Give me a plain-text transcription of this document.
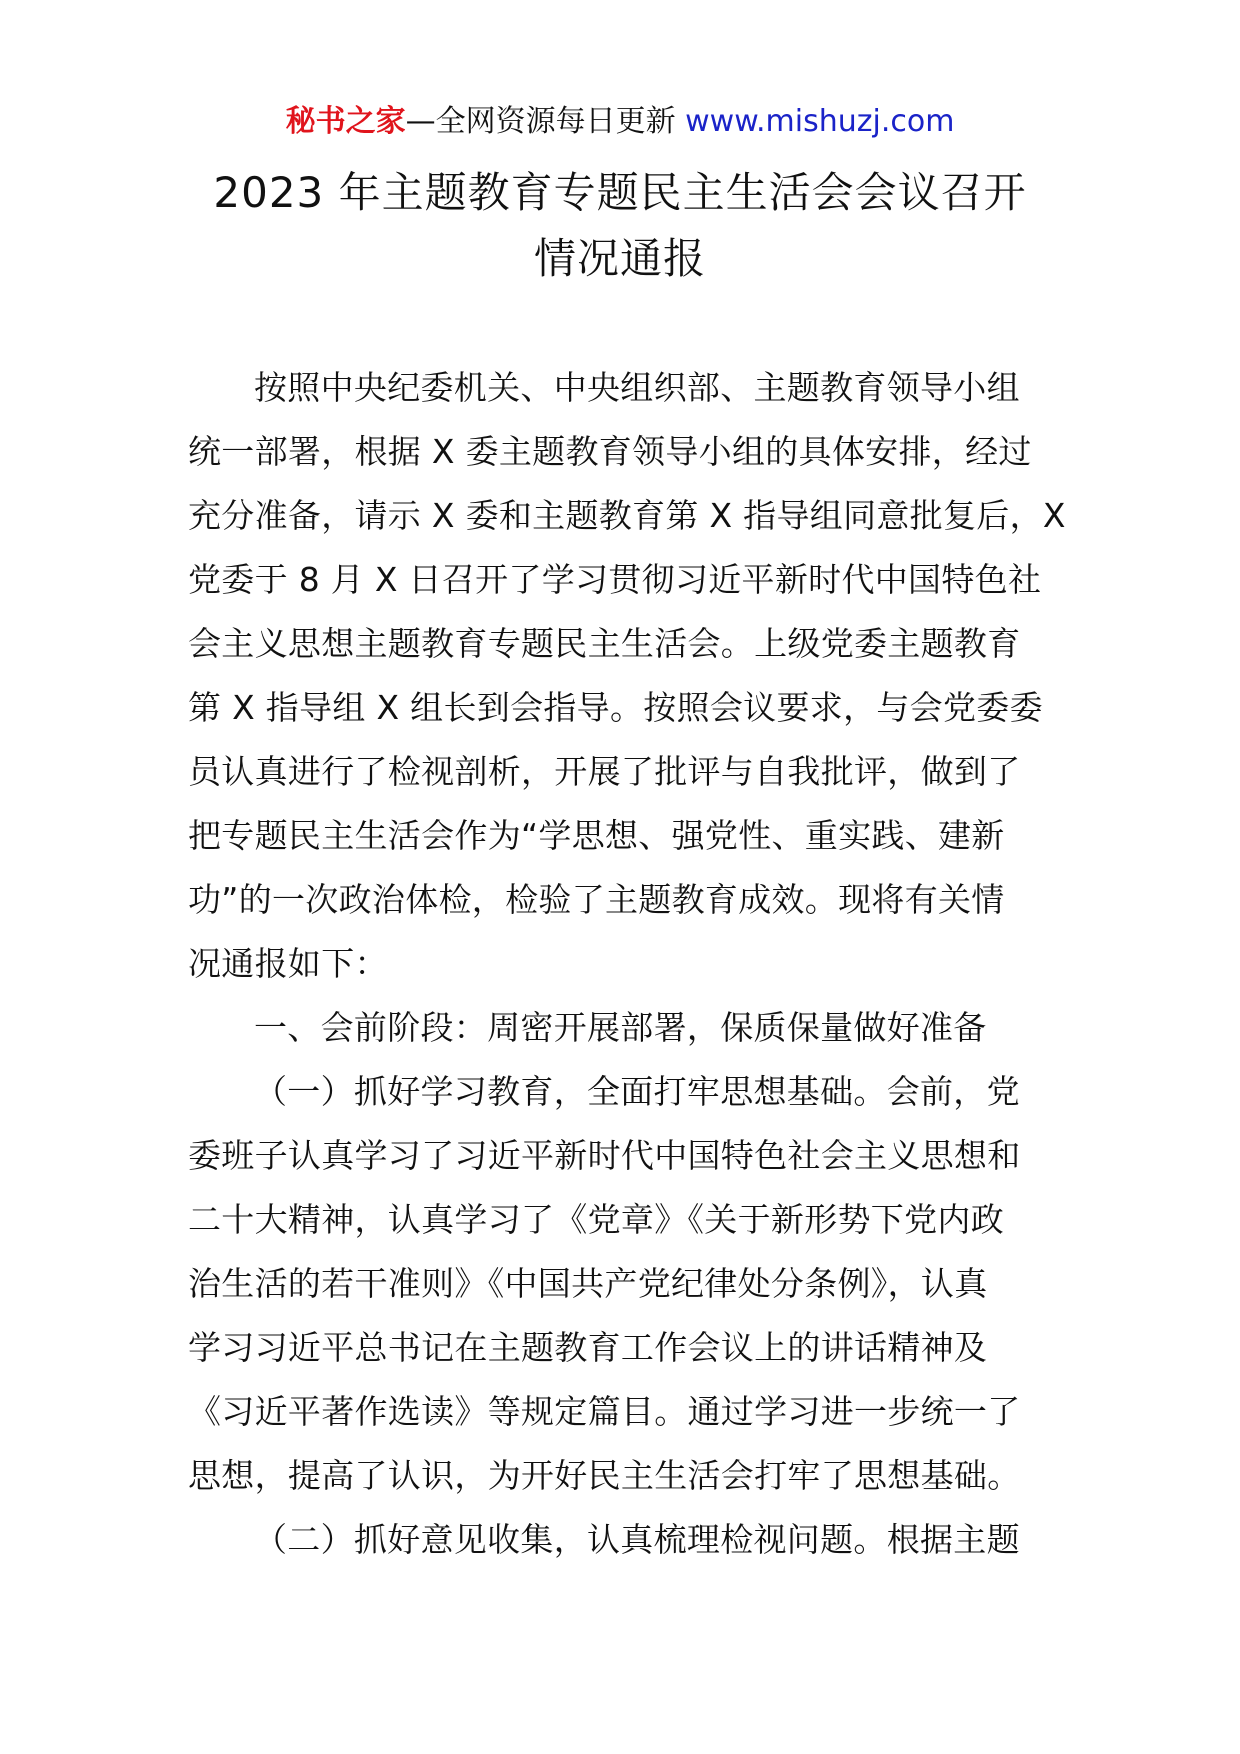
秘书之家—全网资源每日更新 www.mishuzj.com
2023 年主题教育专题民主生活会会议召开
情况通报
按照中央纪委机关、中央组织部、主题教育领导小组
统一部署，根据 X 委主题教育领导小组的具体安排，经过
充分准备，请示 X 委和主题教育第 X 指导组同意批复后，X
党委于 8 月 X 日召开了学习贯彻习近平新时代中国特色社
会主义思想主题教育专题民主生活会。上级党委主题教育
第 X 指导组 X 组长到会指导。按照会议要求，与会党委委
员认真进行了检视剖析，开展了批评与自我批评，做到了
把专题民主生活会作为“学思想、强党性、重实践、建新
功”的一次政治体检，检验了主题教育成效。现将有关情
况通报如下：
一、会前阶段：周密开展部署，保质保量做好准备
（一）抓好学习教育，全面打牢思想基础。会前，党
委班子认真学习了习近平新时代中国特色社会主义思想和
二十大精神，认真学习了《党章》《关于新形势下党内政
治生活的若干准则》《中国共产党纪律处分条例》，认真
学习习近平总书记在主题教育工作会议上的讲话精神及
《习近平著作选读》等规定篇目。通过学习进一步统一了
思想，提高了认识，为开好民主生活会打牢了思想基础。
（二）抓好意见收集，认真梳理检视问题。根据主题
